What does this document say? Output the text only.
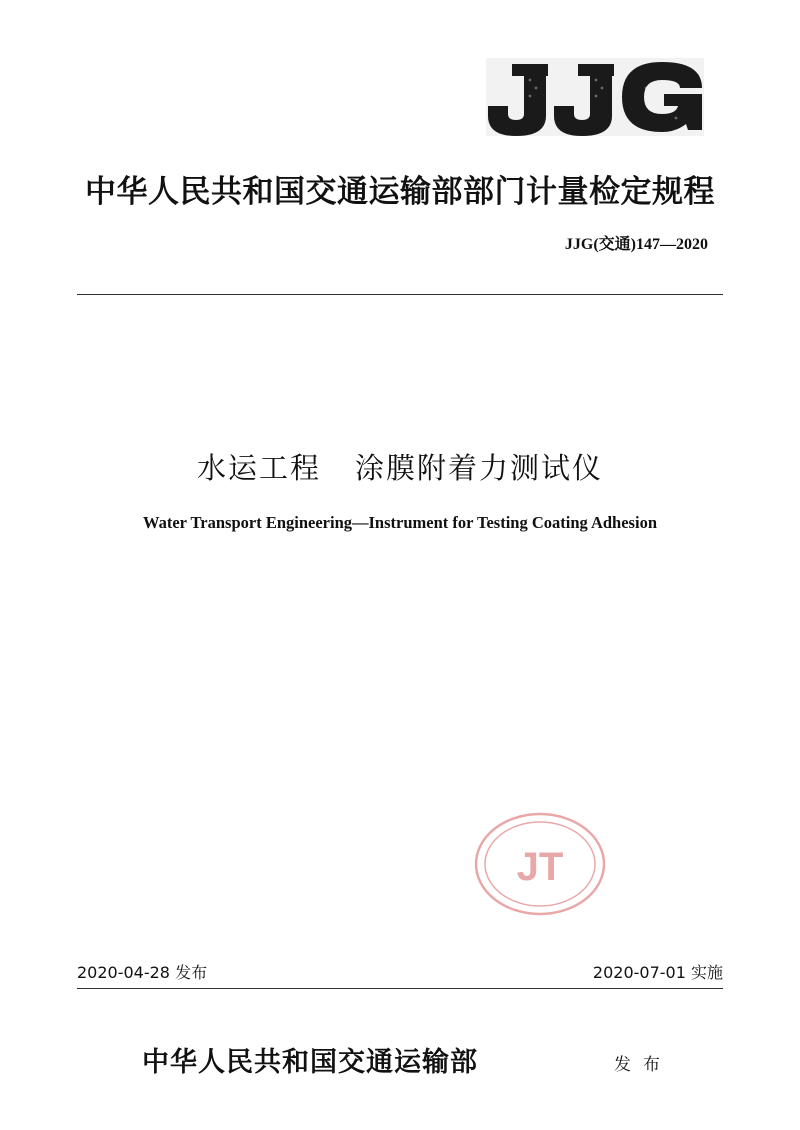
中华人民共和国交通运输部部门计量检定规程
JJG(交通)147—2020
水运工程 涂膜附着力测试仪
Water Transport Engineering—Instrument for Testing Coating Adhesion
JT
2020-04-28 发布	2020-07-01 实施
中华人民共和国交通运输部	发布
